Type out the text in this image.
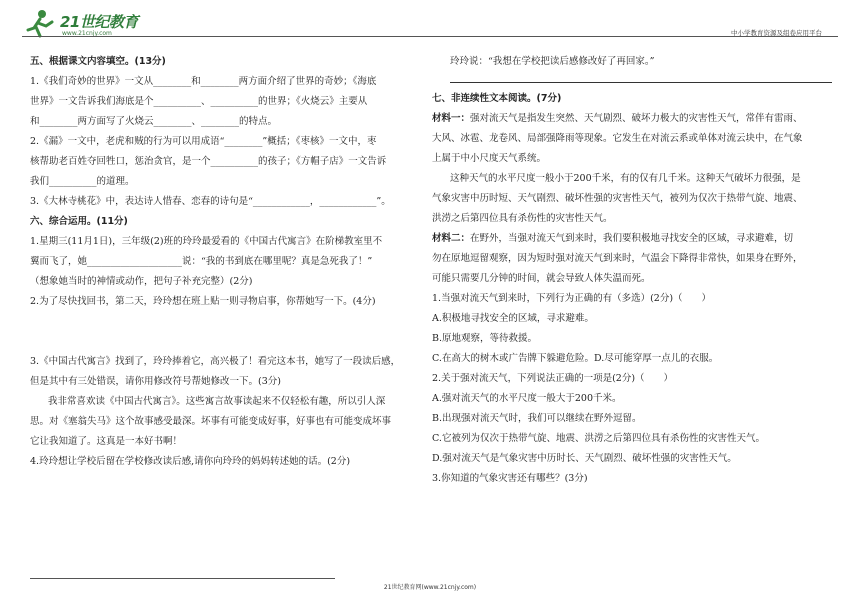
21世纪教育
www.21cnjy.com	中小学教育资源及组卷应用平台

五、根据课文内容填空。(13分)

1.《我们奇妙的世界》一文从________和________两方面介绍了世界的奇妙；《海底

世界》一文告诉我们海底是个__________、__________的世界；《火烧云》主要从

和________两方面写了火烧云________、________的特点。

2.《漏》一文中，老虎和贼的行为可以用成语“________”概括；《枣核》一文中，枣

核帮助老百姓夺回牲口，惩治贪官，是一个__________的孩子；《方帽子店》一文告诉

我们__________的道理。

3.《大林寺桃花》中，表达诗人惜春、恋春的诗句是“____________，____________”。

六、综合运用。(11分)

1.星期三(11月1日)，三年级(2)班的玲玲最爱看的《中国古代寓言》在阶梯教室里不

翼而飞了，她____________________说：“我的书到底在哪里呢？真是急死我了！”

（想象她当时的神情或动作，把句子补充完整）(2分)

2.为了尽快找回书，第二天，玲玲想在班上贴一则寻物启事，你帮她写一下。(4分)

3.《中国古代寓言》找到了，玲玲捧着它，高兴极了！看完这本书，她写了一段读后感，

但是其中有三处错误，请你用修改符号帮她修改一下。(3分)

我非常喜欢读《中国古代寓言》。这些寓言故事读起来不仅轻松有趣，所以引人深

思。对《塞翁失马》这个故事感受最深。坏事有可能变成好事，好事也有可能变成坏事

它让我知道了。这真是一本好书啊！

4.玲玲想让学校后留在学校修改读后感,请你向玲玲的妈妈转述她的话。(2分)

玲玲说：“我想在学校把读后感修改好了再回家。”

七、非连续性文本阅读。(7分)

材料一：强对流天气是指发生突然、天气剧烈、破坏力极大的灾害性天气，常伴有雷雨、

大风、冰雹、龙卷风、局部强降雨等现象。它发生在对流云系或单体对流云块中，在气象

上属于中小尺度天气系统。

这种天气的水平尺度一般小于200千米，有的仅有几千米。这种天气破坏力很强，是

气象灾害中历时短、天气剧烈、破坏性强的灾害性天气，被列为仅次于热带气旋、地震、

洪涝之后第四位具有杀伤性的灾害性天气。

材料二：在野外，当强对流天气到来时，我们要积极地寻找安全的区域，寻求避难，切

勿在原地逗留观察，因为短时强对流天气到来时，气温会下降得非常快，如果身在野外，

可能只需要几分钟的时间，就会导致人体失温而死。

1.当强对流天气到来时，下列行为正确的有（多选）(2分)（　　）

A.积极地寻找安全的区域，寻求避难。

B.原地观察，等待救援。

C.在高大的树木或广告牌下躲避危险。D.尽可能穿厚一点儿的衣服。

2.关于强对流天气，下列说法正确的一项是(2分)（　　）

A.强对流天气的水平尺度一般大于200千米。

B.出现强对流天气时，我们可以继续在野外逗留。

C.它被列为仅次于热带气旋、地震、洪涝之后第四位具有杀伤性的灾害性天气。

D.强对流天气是气象灾害中历时长、天气剧烈、破坏性强的灾害性天气。

3.你知道的气象灾害还有哪些？(3分)

21世纪教育网(www.21cnjy.com)
